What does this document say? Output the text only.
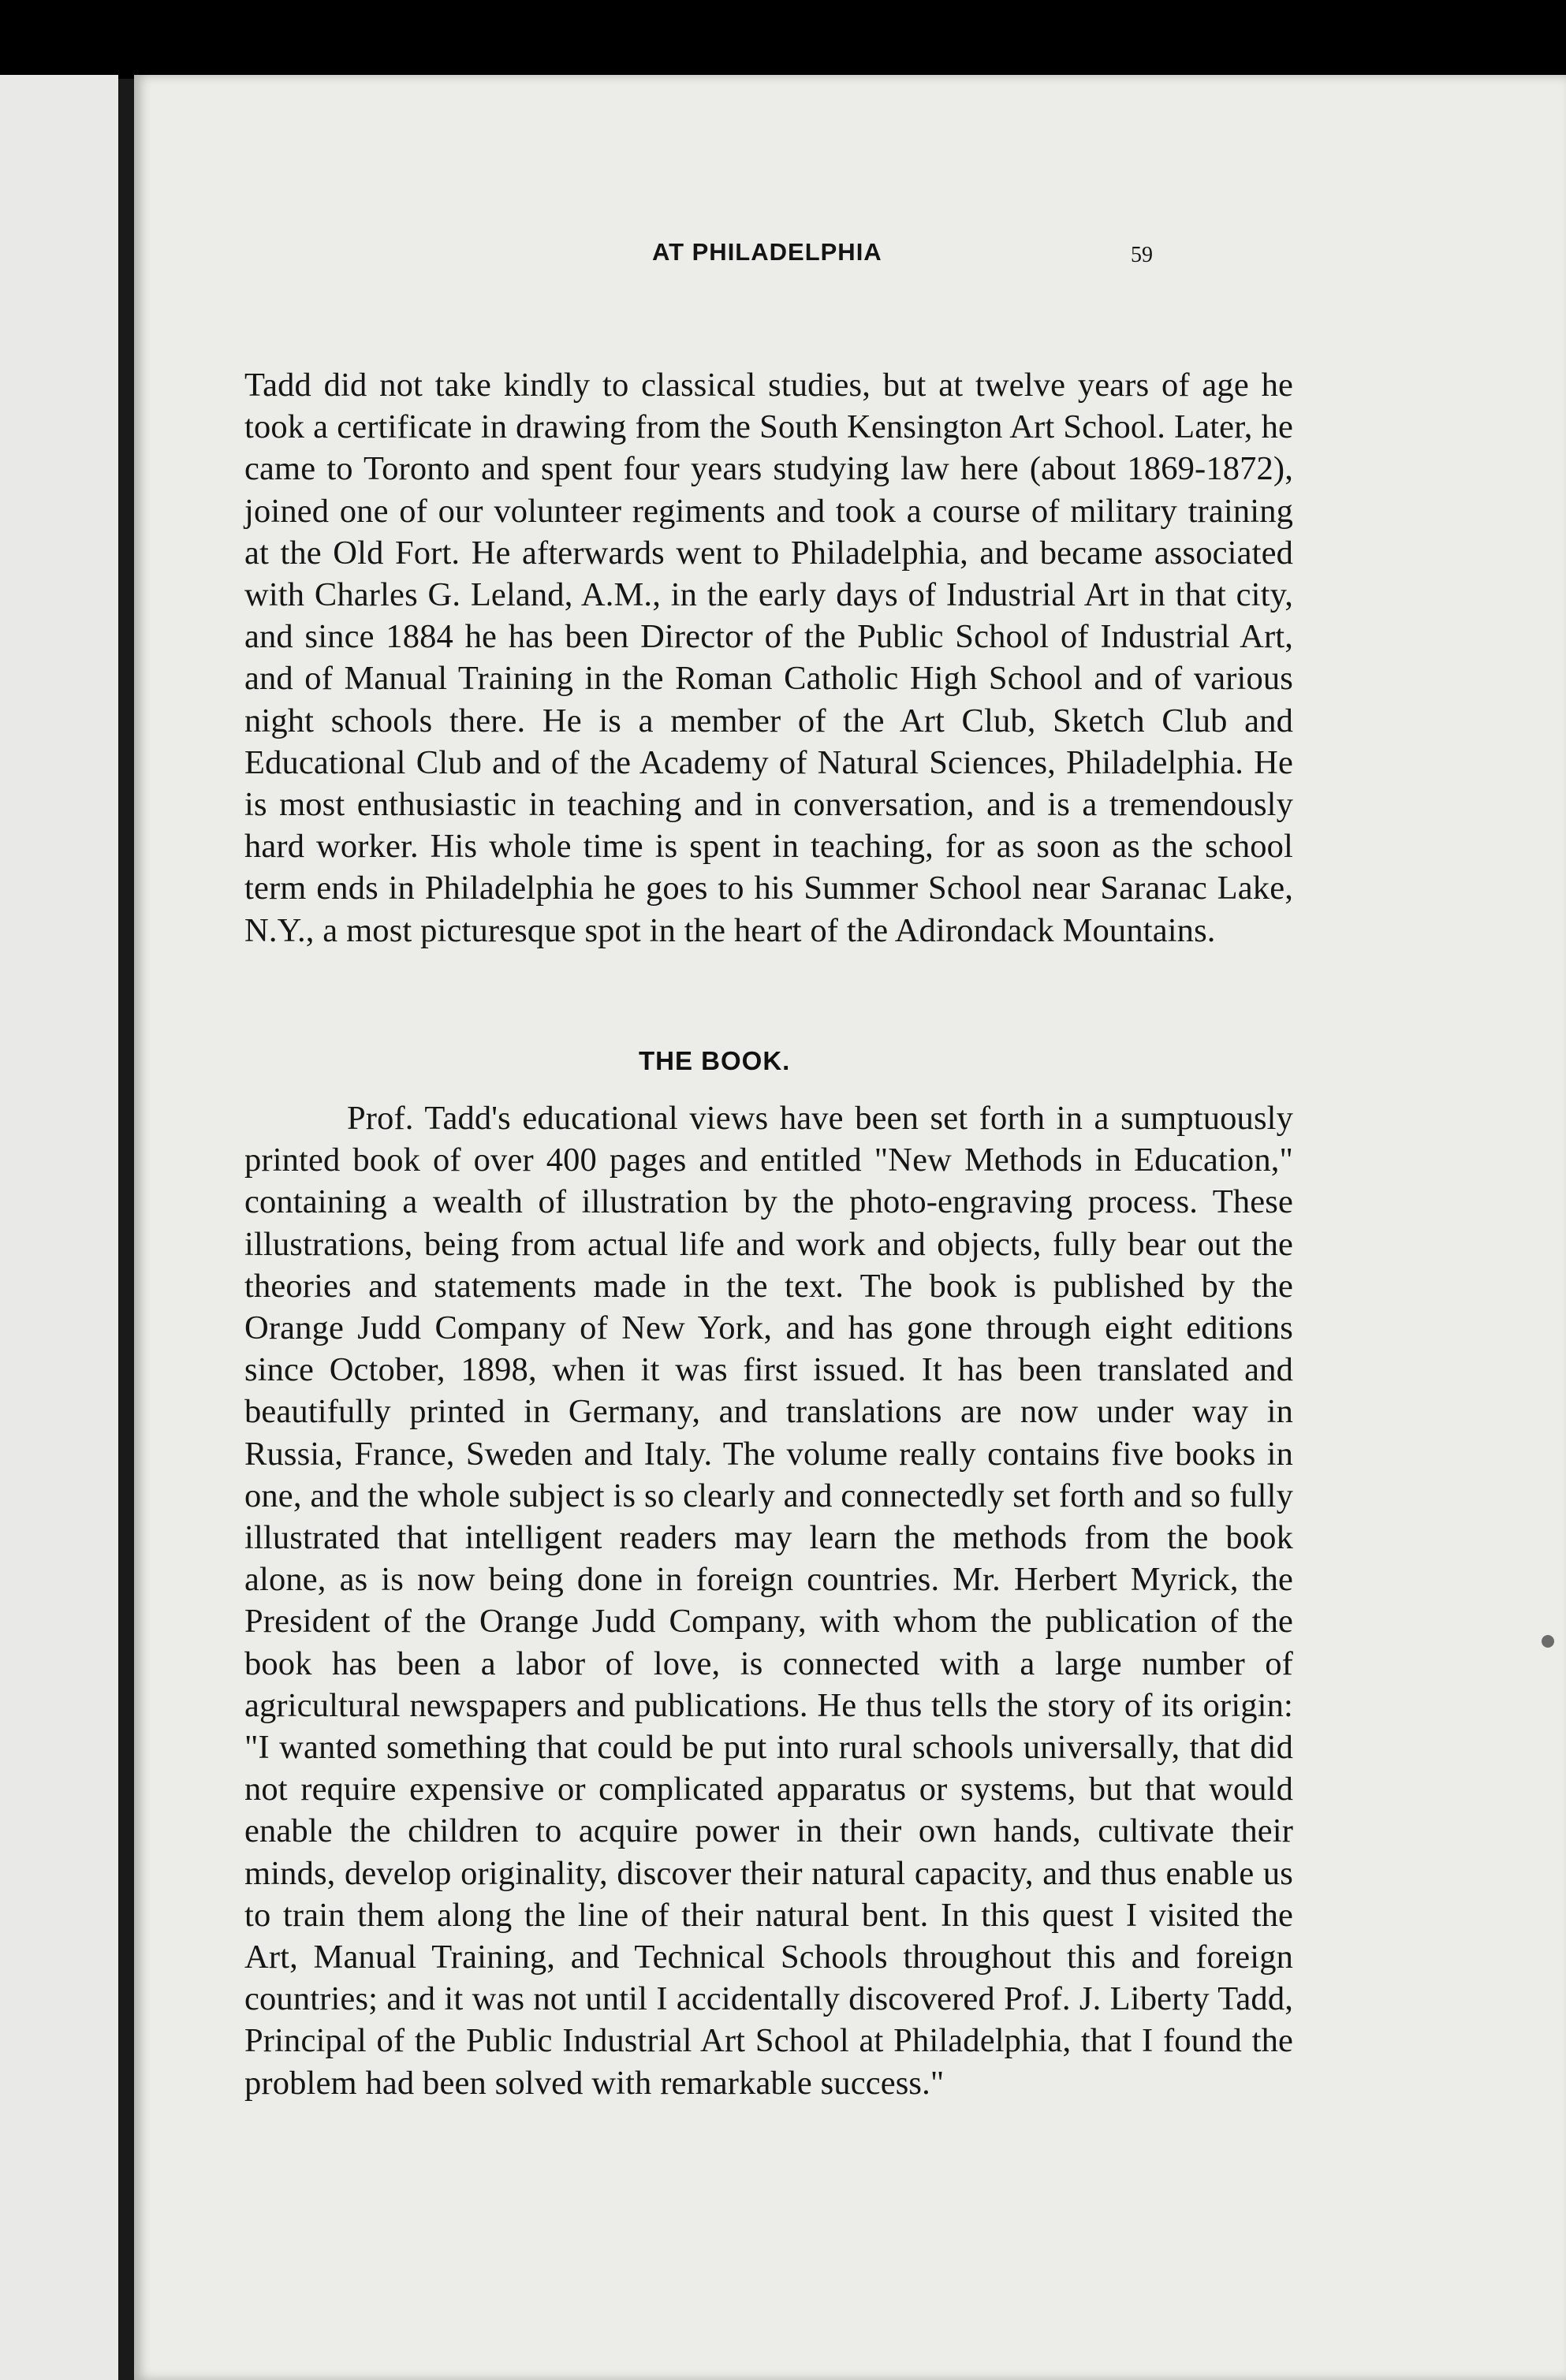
AT PHILADELPHIA	59

Tadd did not take kindly to classical studies, but at twelve years of age he took a certificate in drawing from the South Kensington Art School. Later, he came to Toronto and spent four years studying law here (about 1869-1872), joined one of our volunteer regiments and took a course of military training at the Old Fort. He afterwards went to Philadelphia, and became associated with Charles G. Leland, A.M., in the early days of Industrial Art in that city, and since 1884 he has been Director of the Public School of Industrial Art, and of Manual Training in the Roman Catholic High School and of various night schools there. He is a member of the Art Club, Sketch Club and Educational Club and of the Academy of Natural Sciences, Philadelphia. He is most enthusiastic in teaching and in conversation, and is a tremendously hard worker. His whole time is spent in teaching, for as soon as the school term ends in Philadelphia he goes to his Summer School near Saranac Lake, N.Y., a most picturesque spot in the heart of the Adirondack Mountains.

THE BOOK.

Prof. Tadd's educational views have been set forth in a sumptuously printed book of over 400 pages and entitled "New Methods in Education," containing a wealth of illustration by the photo-engraving process. These illustrations, being from actual life and work and objects, fully bear out the theories and statements made in the text. The book is published by the Orange Judd Company of New York, and has gone through eight editions since October, 1898, when it was first issued. It has been translated and beautifully printed in Germany, and translations are now under way in Russia, France, Sweden and Italy. The volume really contains five books in one, and the whole subject is so clearly and connectedly set forth and so fully illustrated that intelligent readers may learn the methods from the book alone, as is now being done in foreign countries. Mr. Herbert Myrick, the President of the Orange Judd Company, with whom the publication of the book has been a labor of love, is connected with a large number of agricultural newspapers and publications. He thus tells the story of its origin: "I wanted something that could be put into rural schools universally, that did not require expensive or complicated apparatus or systems, but that would enable the children to acquire power in their own hands, cultivate their minds, develop originality, discover their natural capacity, and thus enable us to train them along the line of their natural bent. In this quest I visited the Art, Manual Training, and Technical Schools throughout this and foreign countries; and it was not until I accidentally discovered Prof. J. Liberty Tadd, Principal of the Public Industrial Art School at Philadelphia, that I found the problem had been solved with remarkable success."
